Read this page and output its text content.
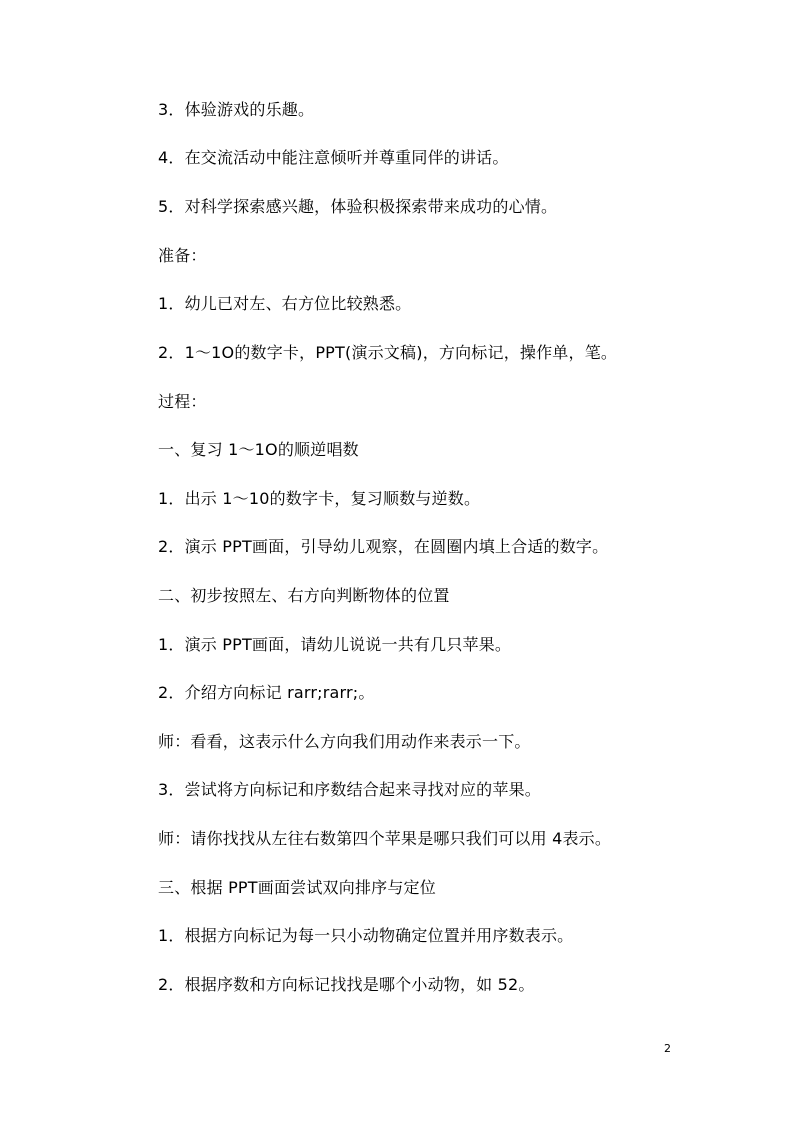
3．体验游戏的乐趣。
4．在交流活动中能注意倾听并尊重同伴的讲话。
5．对科学探索感兴趣，体验积极探索带来成功的心情。
准备：
1．幼儿已对左、右方位比较熟悉。
2．1～1O的数字卡，PPT(演示文稿)，方向标记，操作单，笔。
过程：
一、复习 1～1O的顺逆唱数
1．出示 1～10的数字卡，复习顺数与逆数。
2．演示 PPT画面，引导幼儿观察，在圆圈内填上合适的数字。
二、初步按照左、右方向判断物体的位置
1．演示 PPT画面，请幼儿说说一共有几只苹果。
2．介绍方向标记 rarr;rarr;。
师：看看，这表示什么方向我们用动作来表示一下。
3．尝试将方向标记和序数结合起来寻找对应的苹果。
师：请你找找从左往右数第四个苹果是哪只我们可以用 4表示。
三、根据 PPT画面尝试双向排序与定位
1．根据方向标记为每一只小动物确定位置并用序数表示。
2．根据序数和方向标记找找是哪个小动物，如 52。
2
